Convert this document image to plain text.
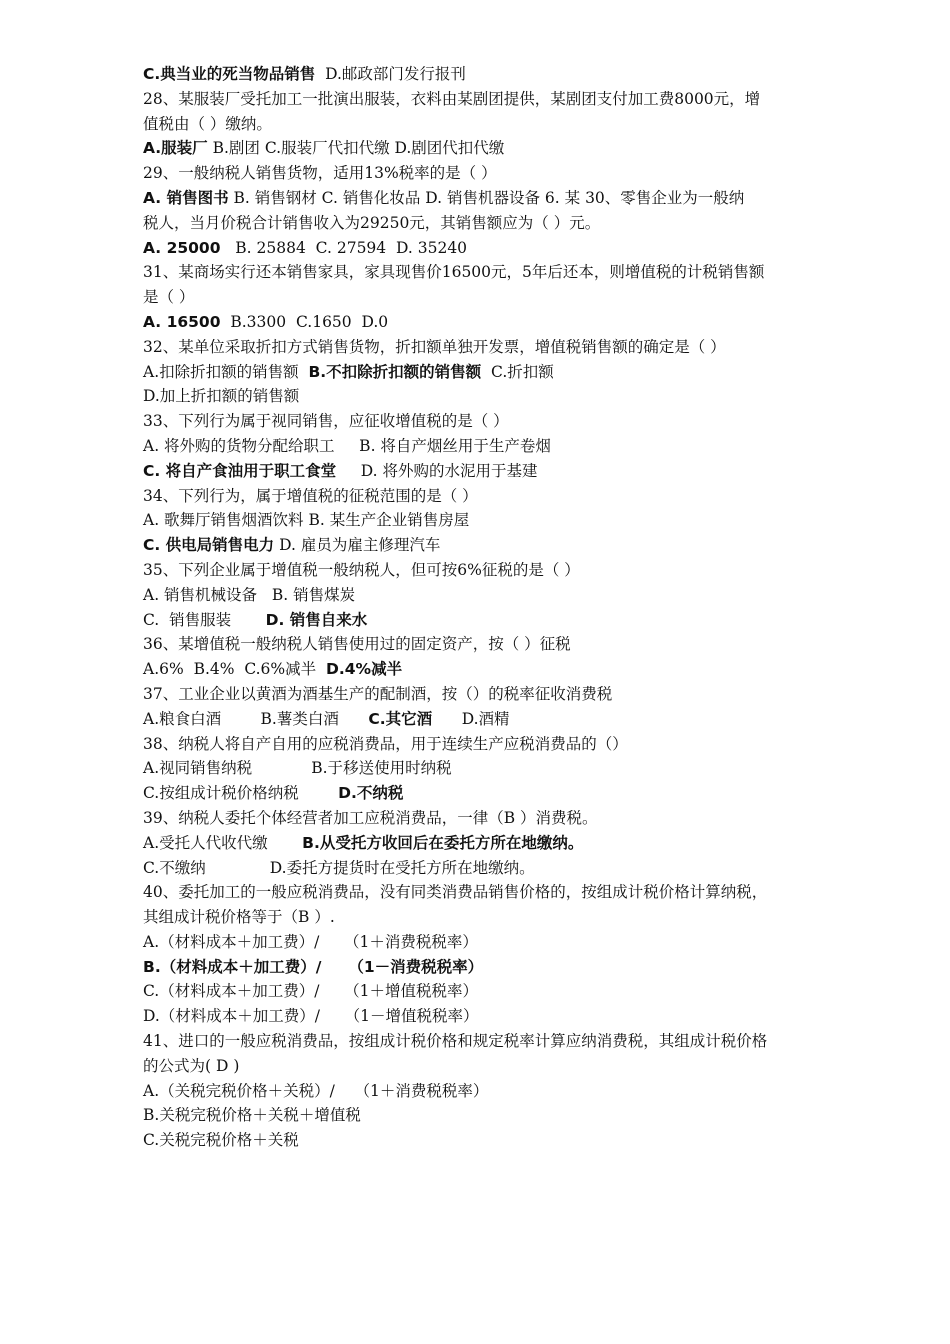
C.典当业的死当物品销售  D.邮政部门发行报刊
28、某服装厂受托加工一批演出服装，衣料由某剧团提供，某剧团支付加工费8000元，增
值税由（ ）缴纳。
A.服装厂 B.剧团 C.服装厂代扣代缴 D.剧团代扣代缴
29、一般纳税人销售货物，适用13%税率的是（ ）
A. 销售图书 B. 销售钢材 C. 销售化妆品 D. 销售机器设备 6. 某 30、零售企业为一般纳
税人，当月价税合计销售收入为29250元，其销售额应为（ ）元。
A. 25000   B. 25884  C. 27594  D. 35240
31、某商场实行还本销售家具，家具现售价16500元，5年后还本，则增值税的计税销售额
是（ ）
A. 16500  B.3300  C.1650  D.0
32、某单位采取折扣方式销售货物，折扣额单独开发票，增值税销售额的确定是（ ）
A.扣除折扣额的销售额  B.不扣除折扣额的销售额  C.折扣额
D.加上折扣额的销售额
33、下列行为属于视同销售，应征收增值税的是（ ）
A. 将外购的货物分配给职工     B. 将自产烟丝用于生产卷烟
C. 将自产食油用于职工食堂     D. 将外购的水泥用于基建
34、下列行为，属于增值税的征税范围的是（ ）
A. 歌舞厅销售烟酒饮料 B. 某生产企业销售房屋
C. 供电局销售电力 D. 雇员为雇主修理汽车
35、下列企业属于增值税一般纳税人，但可按6%征税的是（ ）
A. 销售机械设备   B. 销售煤炭
C.  销售服装       D. 销售自来水
36、某增值税一般纳税人销售使用过的固定资产，按（ ）征税
A.6%  B.4%  C.6%减半  D.4%减半
37、工业企业以黄酒为酒基生产的配制酒，按（）的税率征收消费税
A.粮食白酒        B.薯类白酒      C.其它酒      D.酒精
38、纳税人将自产自用的应税消费品，用于连续生产应税消费品的（）
A.视同销售纳税            B.于移送使用时纳税
C.按组成计税价格纳税        D.不纳税
39、纳税人委托个体经营者加工应税消费品，一律（B ）消费税。
A.受托人代收代缴       B.从受托方收回后在委托方所在地缴纳。
C.不缴纳             D.委托方提货时在受托方所在地缴纳。
40、委托加工的一般应税消费品，没有同类消费品销售价格的，按组成计税价格计算纳税，
其组成计税价格等于（B ）.
A.（材料成本＋加工费）/     （1＋消费税税率）
B.（材料成本＋加工费）/     （1－消费税税率）
C.（材料成本＋加工费）/     （1＋增值税税率）
D.（材料成本＋加工费）/     （1－增值税税率）
41、进口的一般应税消费品，按组成计税价格和规定税率计算应纳消费税，其组成计税价格
的公式为( D )
A.（关税完税价格＋关税）/    （1＋消费税税率）
B.关税完税价格＋关税＋增值税
C.关税完税价格＋关税
